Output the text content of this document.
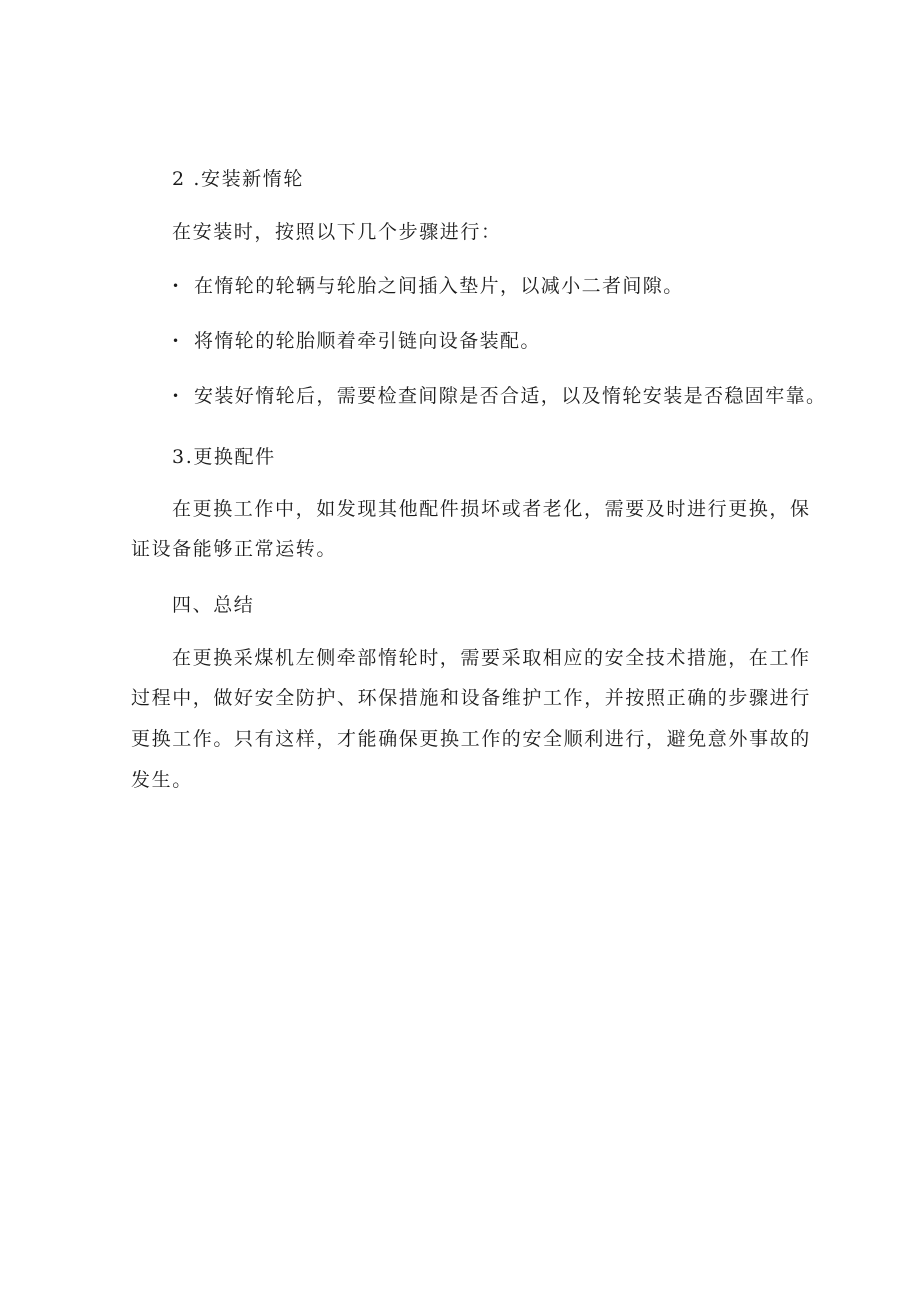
2 .安装新惰轮
在安装时，按照以下几个步骤进行：
• 在惰轮的轮辆与轮胎之间插入垫片，以减小二者间隙。
• 将惰轮的轮胎顺着牵引链向设备装配。
• 安装好惰轮后，需要检查间隙是否合适，以及惰轮安装是否稳固牢靠。
3.更换配件
在更换工作中，如发现其他配件损坏或者老化，需要及时进行更换，保
证设备能够正常运转。
四、总结
在更换采煤机左侧牵部惰轮时，需要采取相应的安全技术措施，在工作
过程中，做好安全防护、环保措施和设备维护工作，并按照正确的步骤进行
更换工作。只有这样，才能确保更换工作的安全顺利进行，避免意外事故的
发生。
